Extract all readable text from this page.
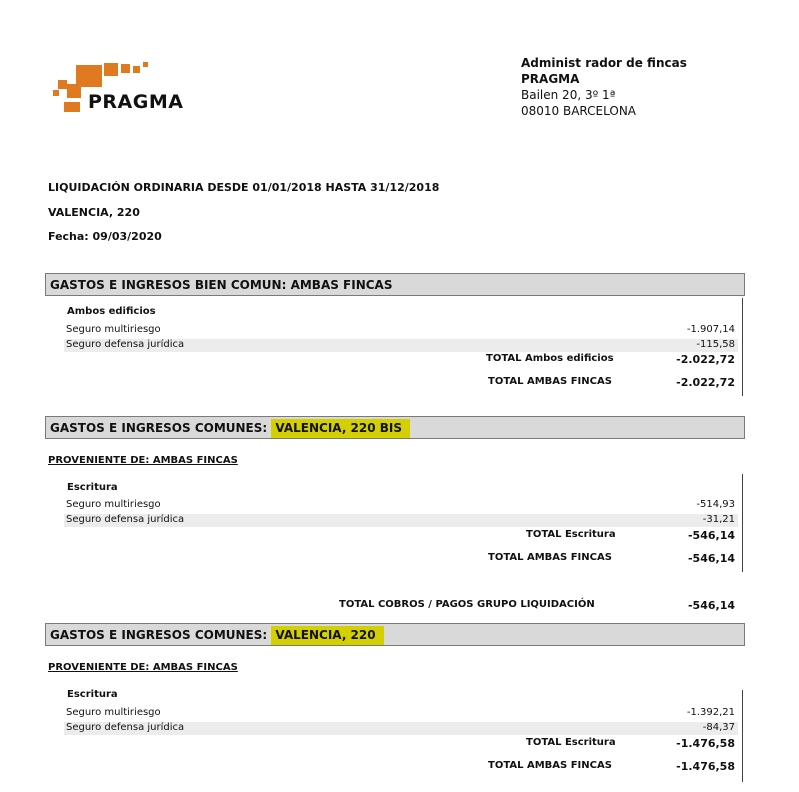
PRAGMA
Administ rador de fincas
PRAGMA
Bailen 20, 3º 1ª
08010 BARCELONA
LIQUIDACIÓN ORDINARIA DESDE 01/01/2018 HASTA 31/12/2018
VALENCIA, 220
Fecha: 09/03/2020
GASTOS E INGRESOS BIEN COMUN: AMBAS FINCAS
Ambos edificios
Seguro multiriesgo	-1.907,14
Seguro defensa jurídica	-115,58
TOTAL Ambos edificios	-2.022,72
TOTAL AMBAS FINCAS	-2.022,72
GASTOS E INGRESOS COMUNES: VALENCIA, 220 BIS
PROVENIENTE DE: AMBAS FINCAS
Escritura
Seguro multiriesgo	-514,93
Seguro defensa jurídica	-31,21
TOTAL Escritura	-546,14
TOTAL AMBAS FINCAS	-546,14
TOTAL COBROS / PAGOS GRUPO LIQUIDACIÓN	-546,14
GASTOS E INGRESOS COMUNES: VALENCIA, 220
PROVENIENTE DE: AMBAS FINCAS
Escritura
Seguro multiriesgo	-1.392,21
Seguro defensa jurídica	-84,37
TOTAL Escritura	-1.476,58
TOTAL AMBAS FINCAS	-1.476,58
